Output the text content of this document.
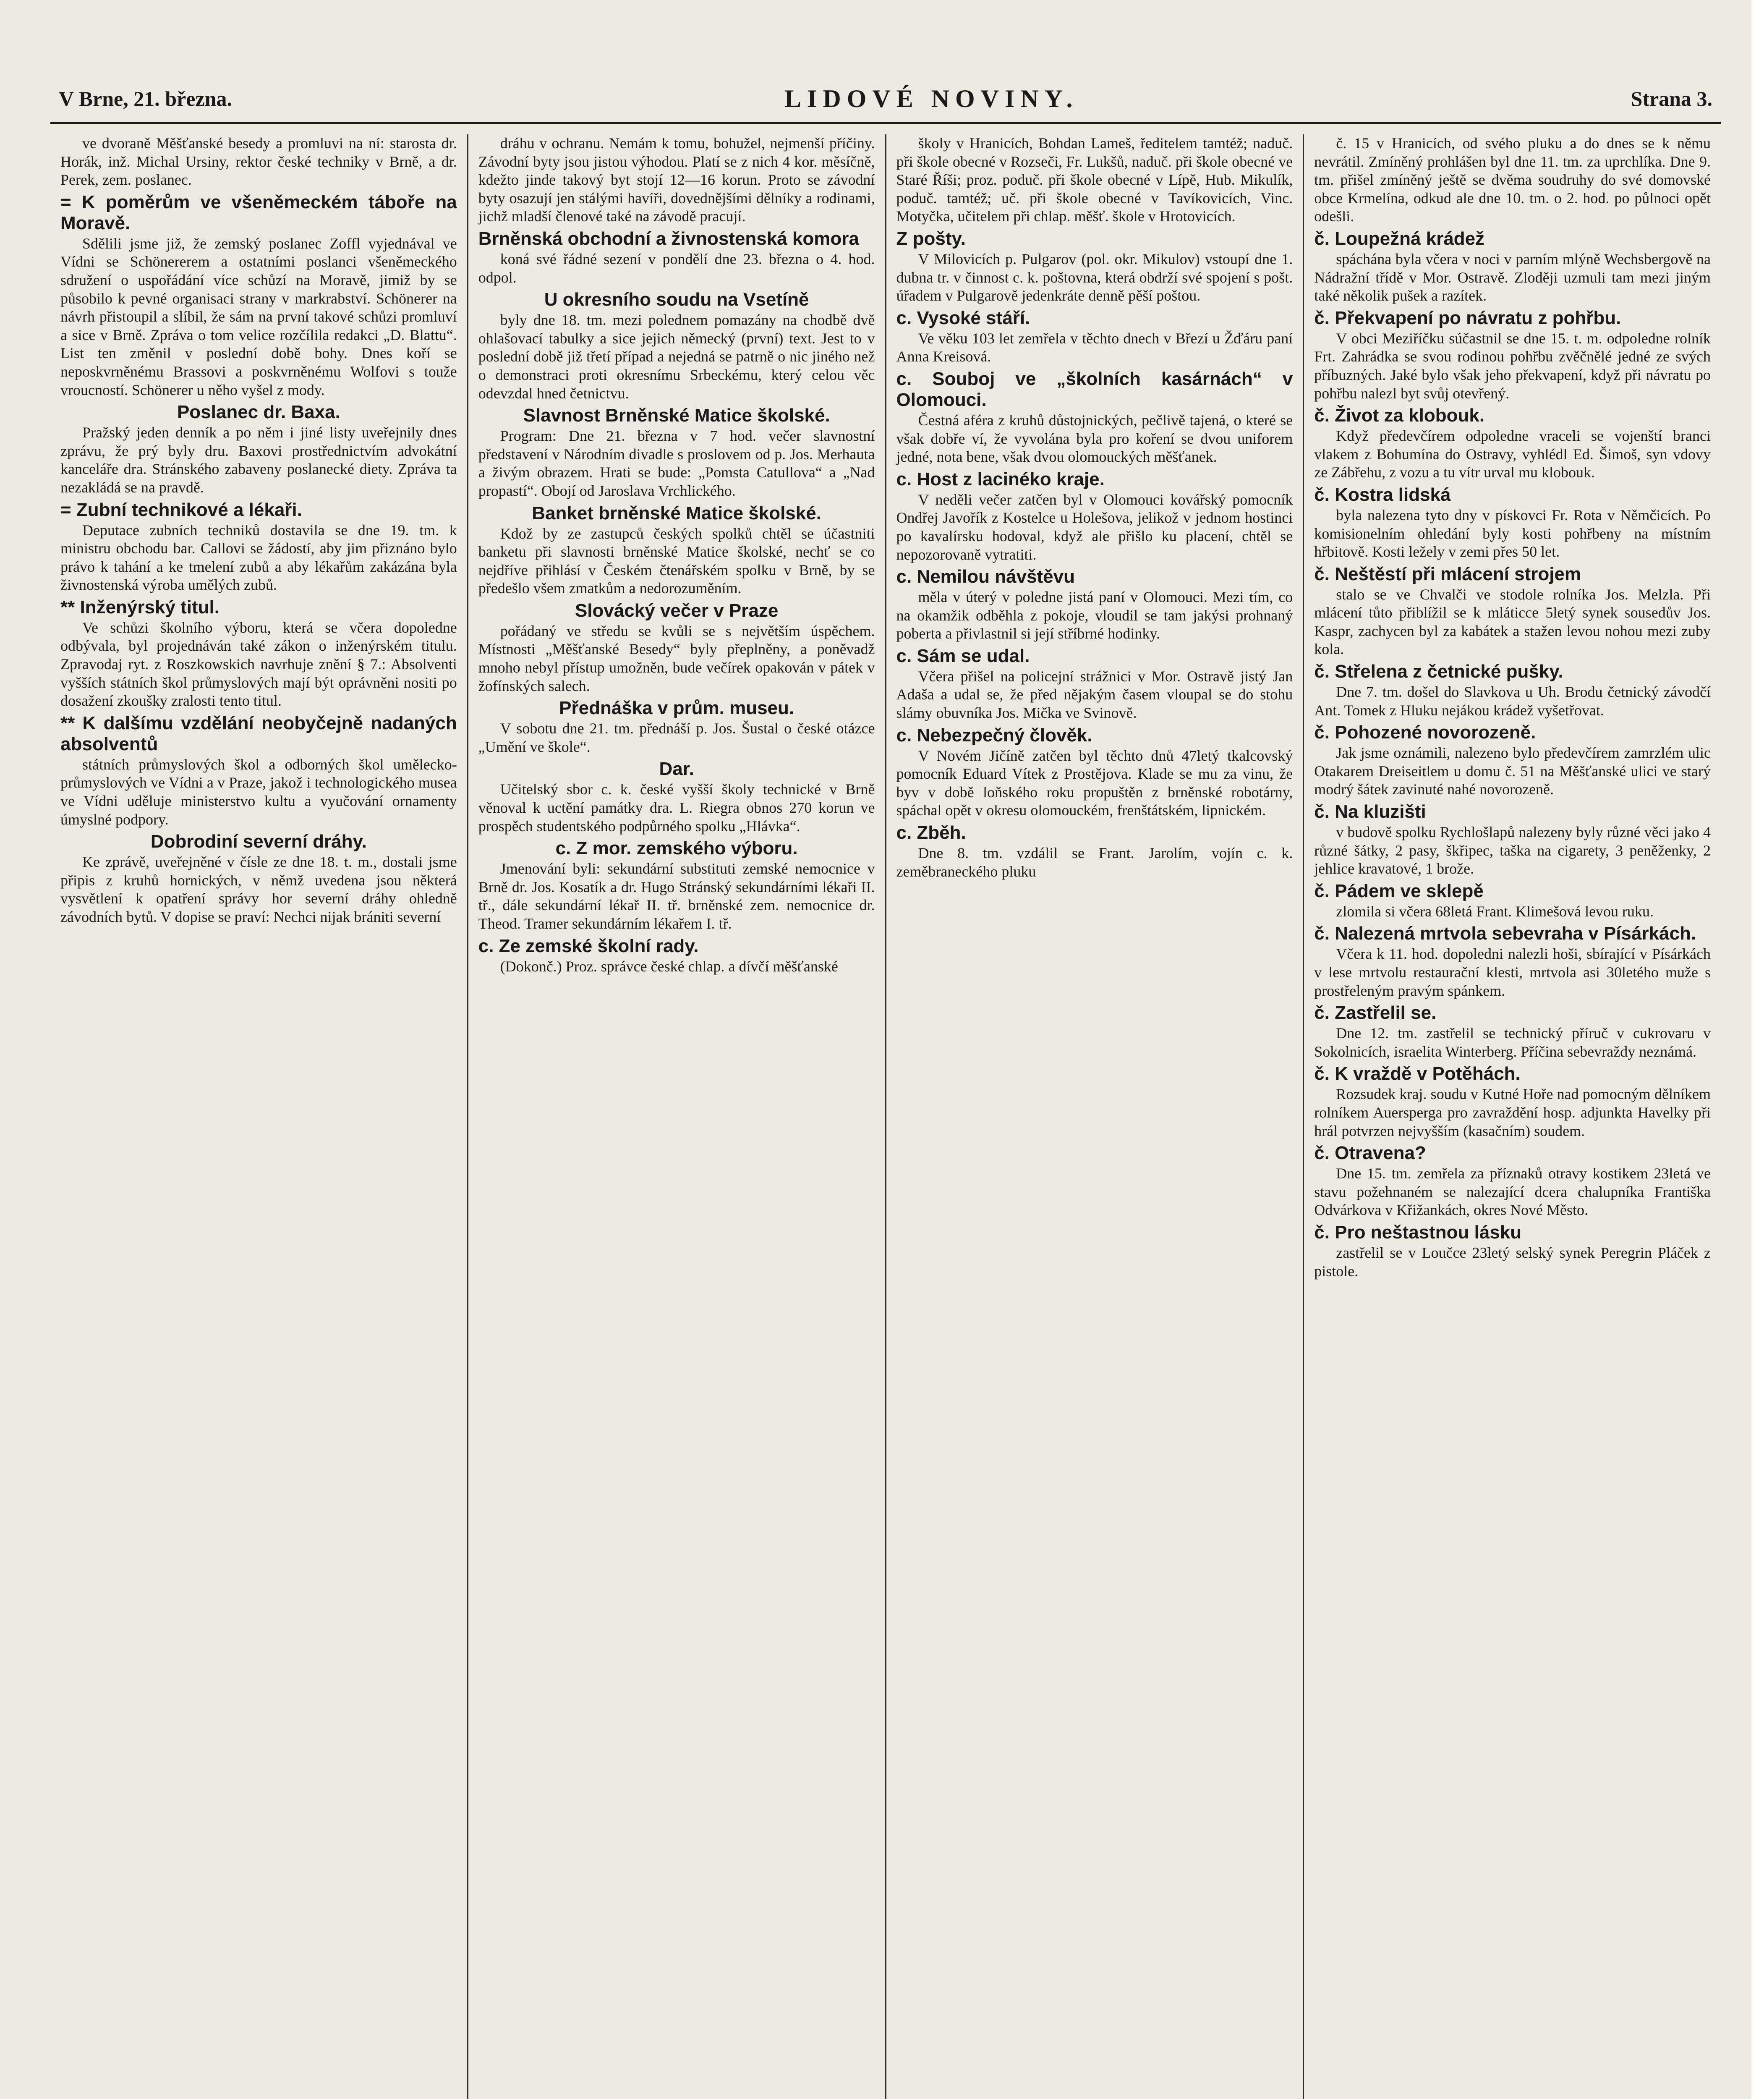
V Brne, 21. března.	LIDOVÉ NOVINY.	Strana 3.

ve dvoraně Měšťanské besedy a promluvi na ní: starosta dr. Horák, inž. Michal Ursiny, rektor české techniky v Brně, a dr. Perek, zem. poslanec.

= K poměrům ve všeněmeckém táboře na Moravě.

Sdělili jsme již, že zemský poslanec Zoffl vyjednával ve Vídni se Schönererem a ostatními poslanci všeněmeckého sdružení o uspořádání více schůzí na Moravě, jimiž by se působilo k pevné organisaci strany v markrabství. Schönerer na návrh přistoupil a slíbil, že sám na první takové schůzi promluví a sice v Brně. Zpráva o tom velice rozčílila redakci „D. Blattu“. List ten změnil v poslední době bohy. Dnes koří se neposkvrněnému Brassovi a poskvrněnému Wolfovi s touže vroucností. Schönerer u něho vyšel z mody.

Poslanec dr. Baxa.

Pražský jeden denník a po něm i jiné listy uveřejnily dnes zprávu, že prý byly dru. Baxovi prostřednictvím advokátní kanceláře dra. Stránského zabaveny poslanecké diety. Zpráva ta nezakládá se na pravdě.

= Zubní technikové a lékaři.

Deputace zubních techniků dostavila se dne 19. tm. k ministru obchodu bar. Callovi se žádostí, aby jim přiznáno bylo právo k tahání a ke tmelení zubů a aby lékařům zakázána byla živnostenská výroba umělých zubů.

** Inženýrský titul.

Ve schůzi školního výboru, která se včera dopoledne odbývala, byl projednáván také zákon o inženýrském titulu. Zpravodaj ryt. z Roszkowskich navrhuje znění § 7.: Absolventi vyšších státních škol průmyslových mají být oprávněni nositi po dosažení zkoušky zralosti tento titul.

** K dalšímu vzdělání neobyčejně nadaných absolventů

státních průmyslových škol a odborných škol umělecko-průmyslových ve Vídni a v Praze, jakož i technologického musea ve Vídni uděluje ministerstvo kultu a vyučování ornamenty úmyslné podpory.

Dobrodiní severní dráhy.

Ke zprávě, uveřejněné v čísle ze dne 18. t. m., dostali jsme připis z kruhů hornických, v němž uvedena jsou některá vysvětlení k opatření správy hor severní dráhy ohledně závodních bytů. V dopise se praví: Nechci nijak brániti severní

dráhu v ochranu. Nemám k tomu, bohužel, nejmenší příčiny. Závodní byty jsou jistou výhodou. Platí se z nich 4 kor. měsíčně, kdežto jinde takový byt stojí 12—16 korun. Proto se závodní byty osazují jen stálými havíři, dovednějšími dělníky a rodinami, jichž mladší členové také na závodě pracují.

Brněnská obchodní a živnostenská komora

koná své řádné sezení v pondělí dne 23. března o 4. hod. odpol.

U okresního soudu na Vsetíně

byly dne 18. tm. mezi polednem pomazány na chodbě dvě ohlašovací tabulky a sice jejich německý (první) text. Jest to v poslední době již třetí případ a nejedná se patrně o nic jiného než o demonstraci proti okresnímu Srbeckému, který celou věc odevzdal hned četnictvu.

Slavnost Brněnské Matice školské.

Program: Dne 21. března v 7 hod. večer slavnostní představení v Národním divadle s proslovem od p. Jos. Merhauta a živým obrazem. Hrati se bude: „Pomsta Catullova“ a „Nad propastí“. Obojí od Jaroslava Vrchlického.

Banket brněnské Matice školské.

Kdož by ze zastupců českých spolků chtěl se účastniti banketu při slavnosti brněnské Matice školské, nechť se co nejdříve přihlásí v Českém čtenářském spolku v Brně, by se předešlo všem zmatkům a nedorozuměním.

Slovácký večer v Praze

pořádaný ve středu se kvůli se s největším úspěchem. Místnosti „Měšťanské Besedy“ byly přeplněny, a poněvadž mnoho nebyl přístup umožněn, bude večírek opakován v pátek v žofínských salech.

Přednáška v prům. museu.

V sobotu dne 21. tm. přednáší p. Jos. Šustal o české otázce „Umění ve škole“.

Dar.

Učitelský sbor c. k. české vyšší školy technické v Brně věnoval k uctění památky dra. L. Riegra obnos 270 korun ve prospěch studentského podpůrného spolku „Hlávka“.

c. Z mor. zemského výboru.

Jmenování byli: sekundární substituti zemské nemocnice v Brně dr. Jos. Kosatík a dr. Hugo Stránský sekundárními lékaři II. tř., dále sekundární lékař II. tř. brněnské zem. nemocnice dr. Theod. Tramer sekundárním lékařem I. tř.

c. Ze zemské školní rady.

(Dokonč.) Proz. správce české chlap. a dívčí měšťanské

školy v Hranicích, Bohdan Lameš, ředitelem tamtéž; naduč. při škole obecné v Rozseči, Fr. Lukšů, naduč. při škole obecné ve Staré Říši; proz. poduč. při škole obecné v Lípě, Hub. Mikulík, poduč. tamtéž; uč. při škole obecné v Tavíkovicích, Vinc. Motyčka, učitelem při chlap. měšť. škole v Hrotovicích.

Z pošty.

V Milovicích p. Pulgarov (pol. okr. Mikulov) vstoupí dne 1. dubna tr. v činnost c. k. poštovna, která obdrží své spojení s pošt. úřadem v Pulgarově jedenkráte denně pěší poštou.

c. Vysoké stáří.

Ve věku 103 let zemřela v těchto dnech v Březí u Žďáru paní Anna Kreisová.

c. Souboj ve „školních kasárnách“ v Olomouci.

Čestná aféra z kruhů důstojnických, pečlivě tajená, o které se však dobře ví, že vyvolána byla pro koření se dvou uniforem jedné, nota bene, však dvou olomouckých měšťanek.

c. Host z lacinéko kraje.

V neděli večer zatčen byl v Olomouci kovářský pomocník Ondřej Javořík z Kostelce u Holešova, jelikož v jednom hostinci po kavalírsku hodoval, když ale přišlo ku placení, chtěl se nepozorovaně vytratiti.

c. Nemilou návštěvu

měla v úterý v poledne jistá paní v Olomouci. Mezi tím, co na okamžik odběhla z pokoje, vloudil se tam jakýsi prohnaný pobertа a přivlastnil si její stříbrné hodinky.

c. Sám se udal.

Včera přišel na policejní strážnici v Mor. Ostravě jistý Jan Adaša a udal se, že před nějakým časem vloupal se do stohu slámy obuvníka Jos. Mička ve Svinově.

c. Nebezpečný člověk.

V Novém Jičíně zatčen byl těchto dnů 47letý tkalcovský pomocník Eduard Vítek z Prostějova. Klade se mu za vinu, že byv v době loňského roku propuštěn z brněnské robotárny, spáchal opět v okresu olomouckém, frenštátském, lipnickém.

c. Zběh.

Dne 8. tm. vzdálil se Frant. Jarolím, vojín c. k. zeměbraneckého pluku

č. 15 v Hranicích, od svého pluku a do dnes se k němu nevrátil. Zmíněný prohlášen byl dne 11. tm. za uprchlíka. Dne 9. tm. přišel zmíněný ještě se dvěma soudruhy do své domovské obce Krmelína, odkud ale dne 10. tm. o 2. hod. po půlnoci opět odešli.

č. Loupežná krádež

spáchána byla včera v noci v parním mlýně Wechsbergově na Nádražní třídě v Mor. Ostravě. Zloději uzmuli tam mezi jiným také několik pušek a razítek.

č. Překvapení po návratu z pohřbu.

V obci Meziříčku súčastnil se dne 15. t. m. odpoledne rolník Frt. Zahrádka se svou rodinou pohřbu zvěčnělé jedné ze svých příbuzných. Jaké bylo však jeho překvapení, když při návratu po pohřbu nalezl byt svůj otevřený.

č. Život za klobouk.

Když předevčírem odpoledne vraceli se vojenští branci vlakem z Bohumína do Ostravy, vyhlédl Ed. Šimoš, syn vdovy ze Zábřehu, z vozu a tu vítr urval mu klobouk.

č. Kostra lidská

byla nalezena tyto dny v pískovci Fr. Rota v Němčicích. Po komisionelním ohledání byly kosti pohřbeny na místním hřbitově. Kosti ležely v zemi přes 50 let.

č. Neštěstí při mlácení strojem

stalo se ve Chvalči ve stodole rolníka Jos. Melzla. Při mlácení tůto přiblížil se k mláticce 5letý synek sousedův Jos. Kaspr, zachycen byl za kabátek a stažen levou nohou mezi zuby kola.

č. Střelena z četnické pušky.

Dne 7. tm. došel do Slavkova u Uh. Brodu četnický závodčí Ant. Tomek z Hluku nejákou krádež vyšetřovat.

č. Pohozené novorozeně.

Jak jsme oznámili, nalezeno bylo předevčírem zamrzlém ulic Otakarem Dreiseitlem u domu č. 51 na Měšťanské ulici ve starý modrý šátek zavinuté nahé novorozeně.

č. Na kluzišti

v budově spolku Rychlošlapů nalezeny byly různé věci jako 4 různé šátky, 2 pasy, škřipec, taška na cigarety, 3 peněženky, 2 jehlice kravatové, 1 brože.

č. Pádem ve sklepě

zlomila si včera 68letá Frant. Klimešová levou ruku.

č. Nalezená mrtvola sebevraha v Písárkách.

Včera k 11. hod. dopoledni nalezli hoši, sbírající v Písárkách v lese mrtvolu restaurační klesti, mrtvola asi 30letého muže s prostřeleným pravým spánkem.

č. Zastřelil se.

Dne 12. tm. zastřelil se technický příruč v cukrovaru v Sokolnicích, israelita Winterberg. Příčina sebevraždy neznámá.

č. K vraždě v Potěhách.

Rozsudek kraj. soudu v Kutné Hoře nad pomocným dělníkem rolníkem Auersperga pro zavraždění hosp. adjunkta Havelky při hrál potvrzen nejvyšším (kasačním) soudem.

č. Otravena?

Dne 15. tm. zemřela za příznaků otravy kostikem 23letá ve stavu požehnaném se nalezající dcera chalupníka Františka Odvárkova v Křižankách, okres Nové Město.

č. Pro neštastnou lásku

zastřelil se v Loučce 23letý selský synek Peregrin Pláček z pistole.
